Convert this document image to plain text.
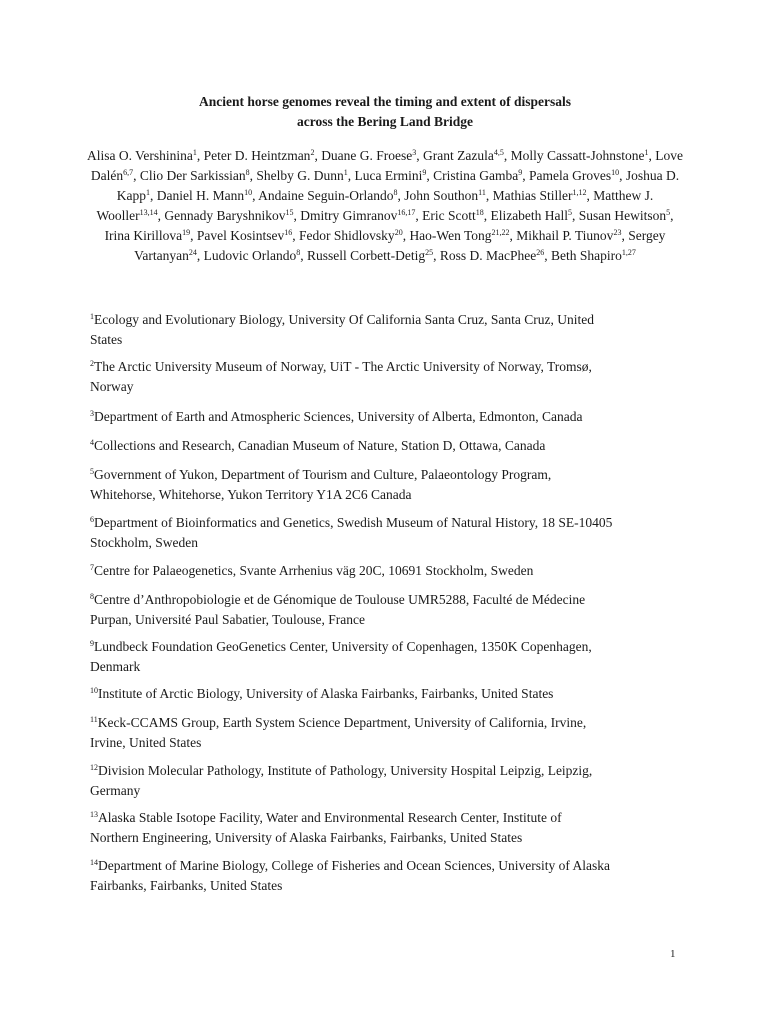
Ancient horse genomes reveal the timing and extent of dispersals
across the Bering Land Bridge
Alisa O. Vershinina$^1$, Peter D. Heintzman$^2$, Duane G. Froese$^3$, Grant Zazula$^{4,5}$, Molly Cassatt-Johnstone$^1$, Love Dalén$^{6,7}$, Clio Der Sarkissian$^8$, Shelby G. Dunn$^1$, Luca Ermini$^9$, Cristina Gamba$^9$, Pamela Groves$^{10}$, Joshua D. Kapp$^1$, Daniel H. Mann$^{10}$, Andaine Seguin-Orlando$^8$, John Southon$^{11}$, Mathias Stiller$^{1,12}$, Matthew J. Wooller$^{13,14}$, Gennady Baryshnikov$^{15}$, Dmitry Gimranov$^{16,17}$, Eric Scott$^{18}$, Elizabeth Hall$^5$, Susan Hewitson$^5$, Irina Kirillova$^{19}$, Pavel Kosintsev$^{16}$, Fedor Shidlovsky$^{20}$, Hao-Wen Tong$^{21,22}$, Mikhail P. Tiunov$^{23}$, Sergey Vartanyan$^{24}$, Ludovic Orlando$^8$, Russell Corbett-Detig$^{25}$, Ross D. MacPhee$^{26}$, Beth Shapiro$^{1,27}$
$^1$Ecology and Evolutionary Biology, University Of California Santa Cruz, Santa Cruz, United
States
$^2$The Arctic University Museum of Norway, UiT - The Arctic University of Norway, Tromsø,
Norway
$^3$Department of Earth and Atmospheric Sciences, University of Alberta, Edmonton, Canada
$^4$Collections and Research, Canadian Museum of Nature, Station D, Ottawa, Canada
$^5$Government of Yukon, Department of Tourism and Culture, Palaeontology Program,
Whitehorse, Whitehorse, Yukon Territory Y1A 2C6 Canada
$^6$Department of Bioinformatics and Genetics, Swedish Museum of Natural History, 18 SE-10405
Stockholm, Sweden
$^7$Centre for Palaeogenetics, Svante Arrhenius väg 20C, 10691 Stockholm, Sweden
$^8$Centre d’Anthropobiologie et de Génomique de Toulouse UMR5288, Faculté de Médecine
Purpan, Université Paul Sabatier, Toulouse, France
$^9$Lundbeck Foundation GeoGenetics Center, University of Copenhagen, 1350K Copenhagen,
Denmark
$^{10}$Institute of Arctic Biology, University of Alaska Fairbanks, Fairbanks, United States
$^{11}$Keck-CCAMS Group, Earth System Science Department, University of California, Irvine,
Irvine, United States
$^{12}$Division Molecular Pathology, Institute of Pathology, University Hospital Leipzig, Leipzig,
Germany
$^{13}$Alaska Stable Isotope Facility, Water and Environmental Research Center, Institute of
Northern Engineering, University of Alaska Fairbanks, Fairbanks, United States
$^{14}$Department of Marine Biology, College of Fisheries and Ocean Sciences, University of Alaska
Fairbanks, Fairbanks, United States
1
